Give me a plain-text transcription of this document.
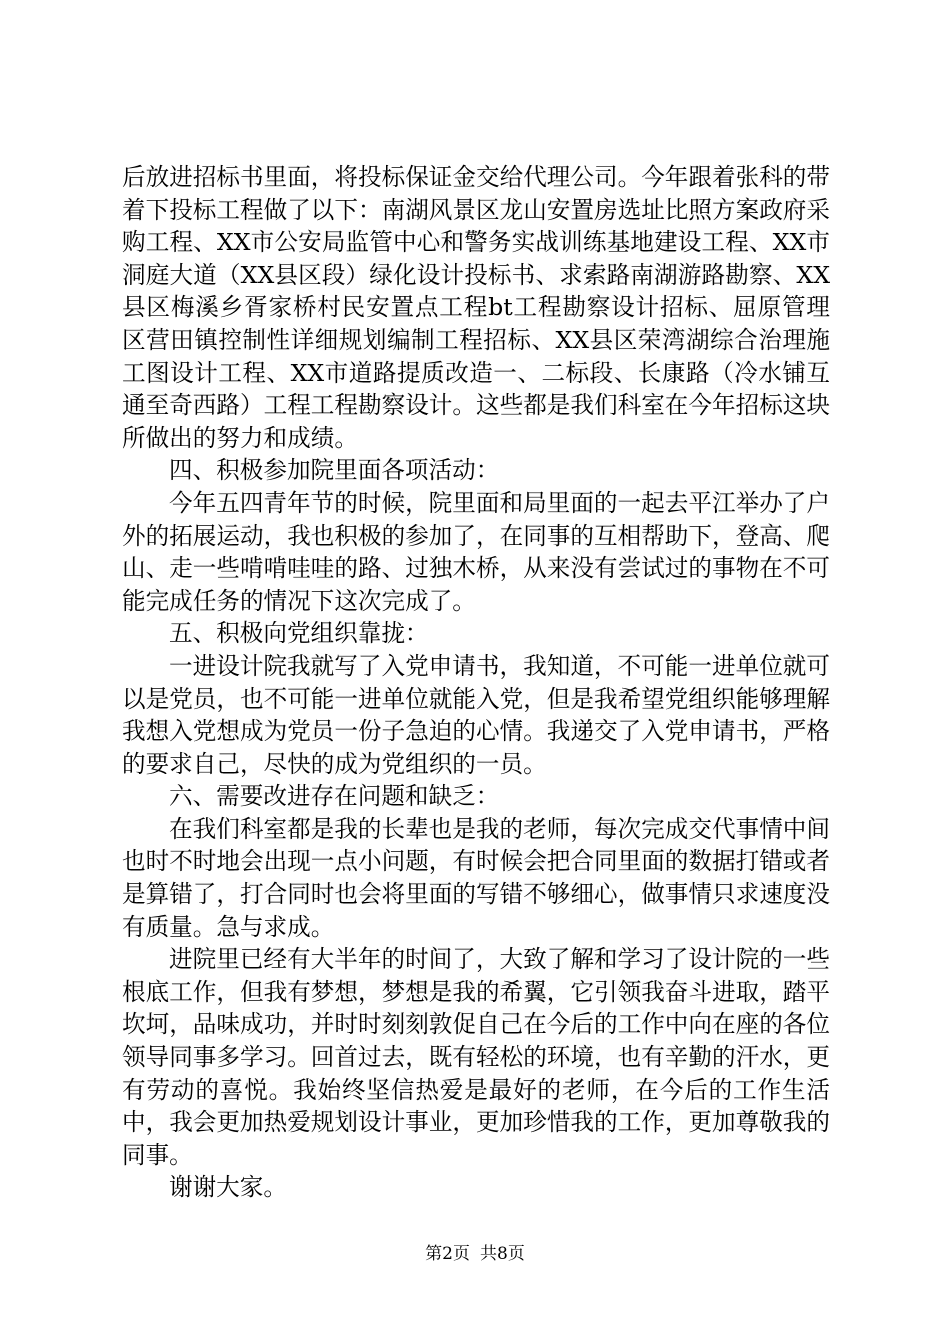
后放进招标书里面，将投标保证金交给代理公司。今年跟着张科的带着下投标工程做了以下：南湖风景区龙山安置房选址比照方案政府采购工程、XX市公安局监管中心和警务实战训练基地建设工程、XX市洞庭大道（XX县区段）绿化设计投标书、求索路南湖游路勘察、XX县区梅溪乡胥家桥村民安置点工程bt工程勘察设计招标、屈原管理区营田镇控制性详细规划编制工程招标、XX县区荣湾湖综合治理施工图设计工程、XX市道路提质改造一、二标段、长康路（冷水铺互通至奇西路）工程工程勘察设计。这些都是我们科室在今年招标这块所做出的努力和成绩。

四、积极参加院里面各项活动：

今年五四青年节的时候，院里面和局里面的一起去平江举办了户外的拓展运动，我也积极的参加了，在同事的互相帮助下，登高、爬山、走一些啃啃哇哇的路、过独木桥，从来没有尝试过的事物在不可能完成任务的情况下这次完成了。

五、积极向党组织靠拢：

一进设计院我就写了入党申请书，我知道，不可能一进单位就可以是党员，也不可能一进单位就能入党，但是我希望党组织能够理解我想入党想成为党员一份子急迫的心情。我递交了入党申请书，严格的要求自己，尽快的成为党组织的一员。

六、需要改进存在问题和缺乏：

在我们科室都是我的长辈也是我的老师，每次完成交代事情中间也时不时地会出现一点小问题，有时候会把合同里面的数据打错或者是算错了，打合同时也会将里面的写错不够细心，做事情只求速度没有质量。急与求成。

进院里已经有大半年的时间了，大致了解和学习了设计院的一些根底工作，但我有梦想，梦想是我的希翼，它引领我奋斗进取，踏平坎坷，品味成功，并时时刻刻敦促自己在今后的工作中向在座的各位领导同事多学习。回首过去，既有轻松的环境，也有辛勤的汗水，更有劳动的喜悦。我始终坚信热爱是最好的老师，在今后的工作生活中，我会更加热爱规划设计事业，更加珍惜我的工作，更加尊敬我的同事。

谢谢大家。

第2页 共8页
